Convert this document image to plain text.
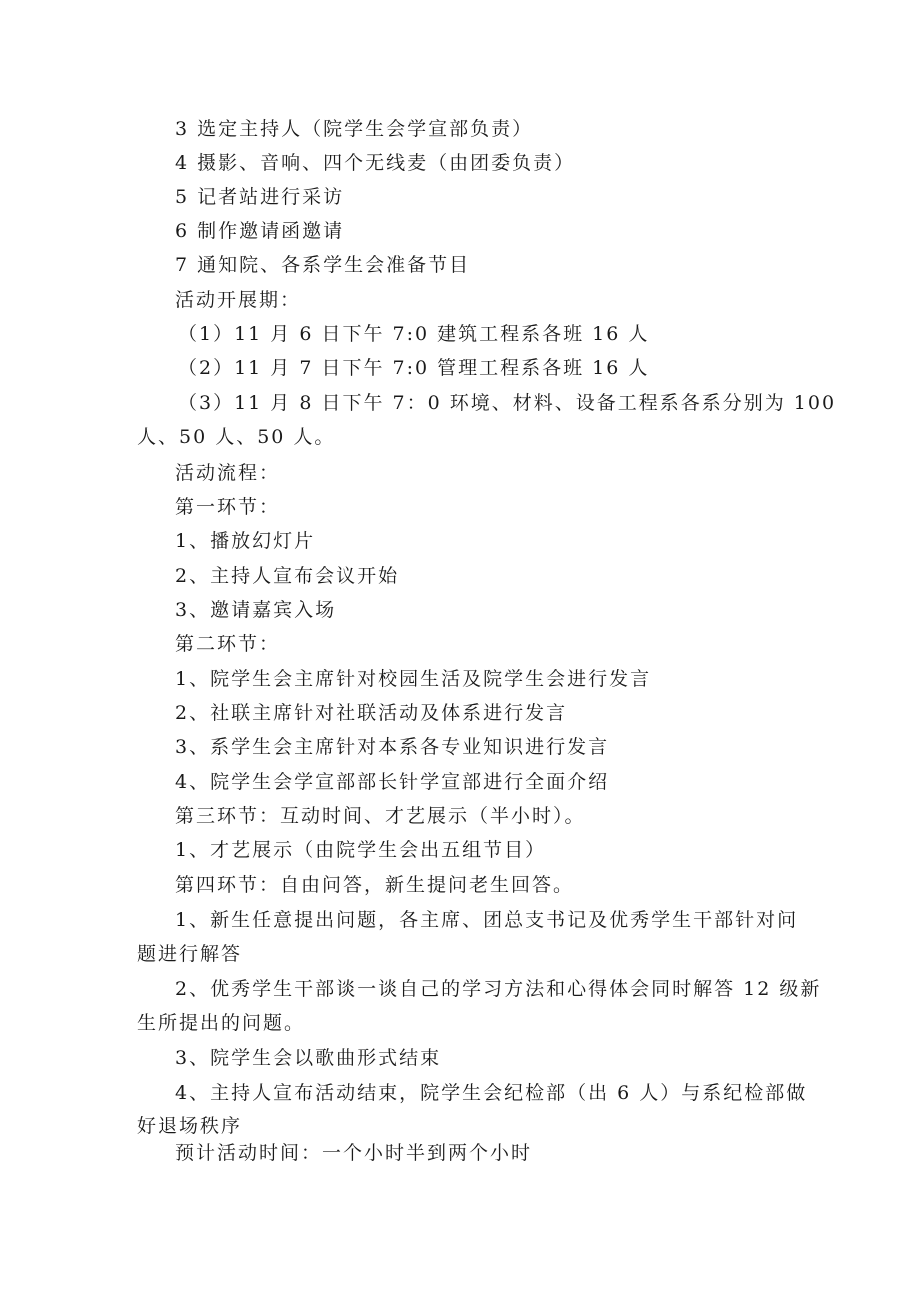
3 选定主持人（院学生会学宣部负责）

4 摄影、音响、四个无线麦（由团委负责）

5 记者站进行采访

6 制作邀请函邀请

7 通知院、各系学生会准备节目

活动开展期：

（1）11 月 6 日下午 7:0 建筑工程系各班 16 人

（2）11 月 7 日下午 7:0 管理工程系各班 16 人

（3）11 月 8 日下午 7：0 环境、材料、设备工程系各系分别为 100

人、50 人、50 人。

活动流程：

第一环节：

1、播放幻灯片

2、主持人宣布会议开始

3、邀请嘉宾入场

第二环节：

1、院学生会主席针对校园生活及院学生会进行发言

2、社联主席针对社联活动及体系进行发言

3、系学生会主席针对本系各专业知识进行发言

4、院学生会学宣部部长针学宣部进行全面介绍

第三环节：互动时间、才艺展示（半小时）。

1、才艺展示（由院学生会出五组节目）

第四环节：自由问答，新生提问老生回答。

1、新生任意提出问题，各主席、团总支书记及优秀学生干部针对问

题进行解答

2、优秀学生干部谈一谈自己的学习方法和心得体会同时解答 12 级新

生所提出的问题。

3、院学生会以歌曲形式结束

4、主持人宣布活动结束，院学生会纪检部（出 6 人）与系纪检部做

好退场秩序

预计活动时间：一个小时半到两个小时
